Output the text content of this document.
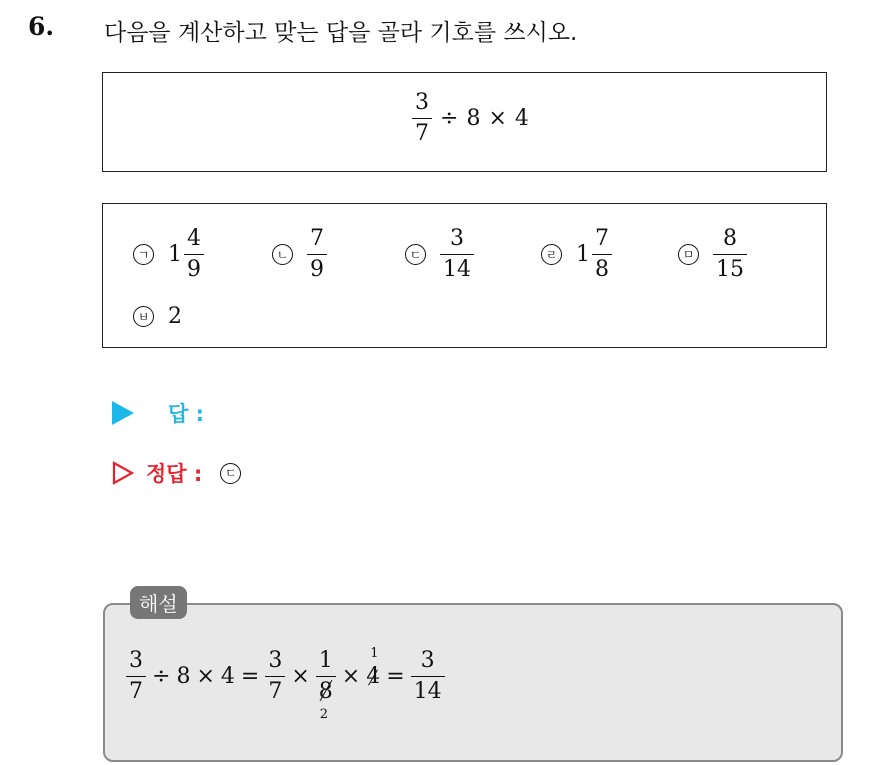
6. 다음을 계산하고 맞는 답을 골라 기호를 쓰시오.
$\frac{3}{7} \div 8 \times 4$
ㄱ $1 \frac{4}{9}$	ㄴ $\frac{7}{9}$	ㄷ $\frac{3}{14}$	ㄹ $1 \frac{7}{8}$	ㅁ $\frac{8}{15}$
ㅂ 2
답 :
정답 :	ㄷ
해설
$\frac{3}{7} \div 8 \times 4 = \frac{3}{7} \times 1$
8
2 × 4
1
= $\frac{3}{14}$
